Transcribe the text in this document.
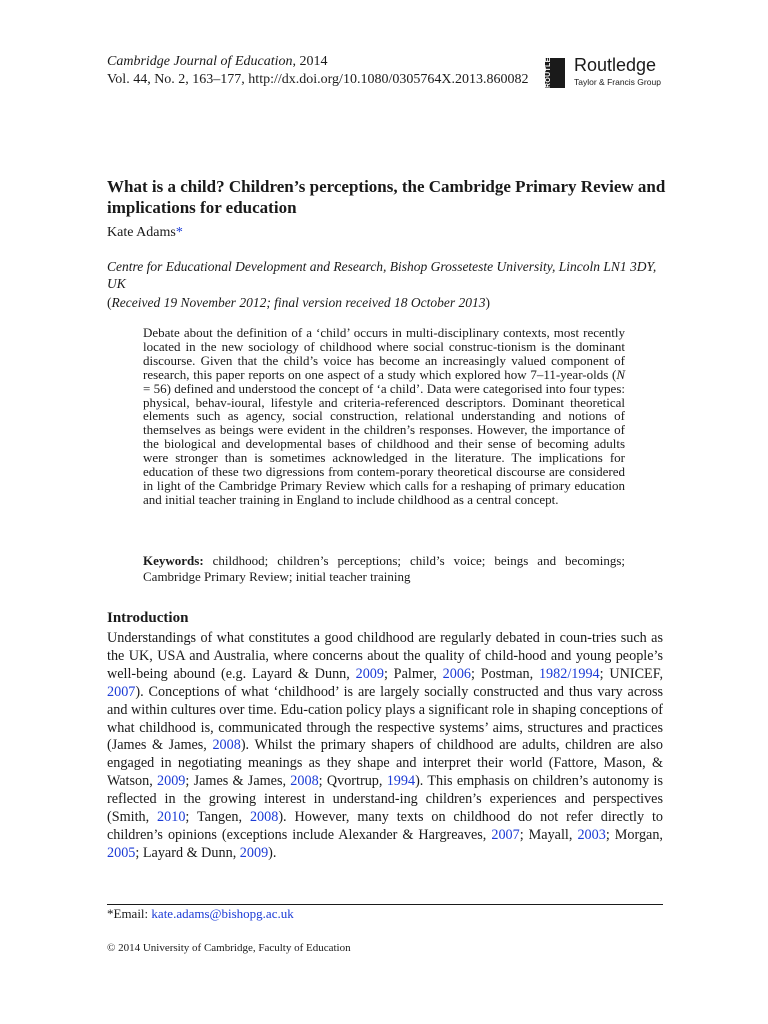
Cambridge Journal of Education, 2014
Vol. 44, No. 2, 163–177, http://dx.doi.org/10.1080/0305764X.2013.860082	ROUTLEDGE	Routledge
Taylor & Francis Group
What is a child? Children’s perceptions, the Cambridge Primary Review and implications for education
Kate Adams*
Centre for Educational Development and Research, Bishop Grosseteste University, Lincoln LN1 3DY, UK
(Received 19 November 2012; final version received 18 October 2013)
Debate about the definition of a ‘child’ occurs in multi-disciplinary contexts, most recently located in the new sociology of childhood where social construc-tionism is the dominant discourse. Given that the child’s voice has become an increasingly valued component of research, this paper reports on one aspect of a study which explored how 7–11-year-olds (N = 56) defined and understood the concept of ‘a child’. Data were categorised into four types: physical, behav-ioural, lifestyle and criteria-referenced descriptors. Dominant theoretical elements such as agency, social construction, relational understanding and notions of themselves as beings were evident in the children’s responses. However, the importance of the biological and developmental bases of childhood and their sense of becoming adults were stronger than is sometimes acknowledged in the literature. The implications for education of these two digressions from contem-porary theoretical discourse are considered in light of the Cambridge Primary Review which calls for a reshaping of primary education and initial teacher training in England to include childhood as a central concept.
Keywords: childhood; children’s perceptions; child’s voice; beings and becomings; Cambridge Primary Review; initial teacher training
Introduction
Understandings of what constitutes a good childhood are regularly debated in coun-tries such as the UK, USA and Australia, where concerns about the quality of child-hood and young people’s well-being abound (e.g. Layard & Dunn, 2009; Palmer, 2006; Postman, 1982/1994; UNICEF, 2007). Conceptions of what ‘childhood’ is are largely socially constructed and thus vary across and within cultures over time. Edu-cation policy plays a significant role in shaping conceptions of what childhood is, communicated through the respective systems’ aims, structures and practices (James & James, 2008). Whilst the primary shapers of childhood are adults, children are also engaged in negotiating meanings as they shape and interpret their world (Fattore, Mason, & Watson, 2009; James & James, 2008; Qvortrup, 1994). This emphasis on children’s autonomy is reflected in the growing interest in understand-ing children’s experiences and perspectives (Smith, 2010; Tangen, 2008). However, many texts on childhood do not refer directly to children’s opinions (exceptions include Alexander & Hargreaves, 2007; Mayall, 2003; Morgan, 2005; Layard & Dunn, 2009).
*Email: kate.adams@bishopg.ac.uk
© 2014 University of Cambridge, Faculty of Education
